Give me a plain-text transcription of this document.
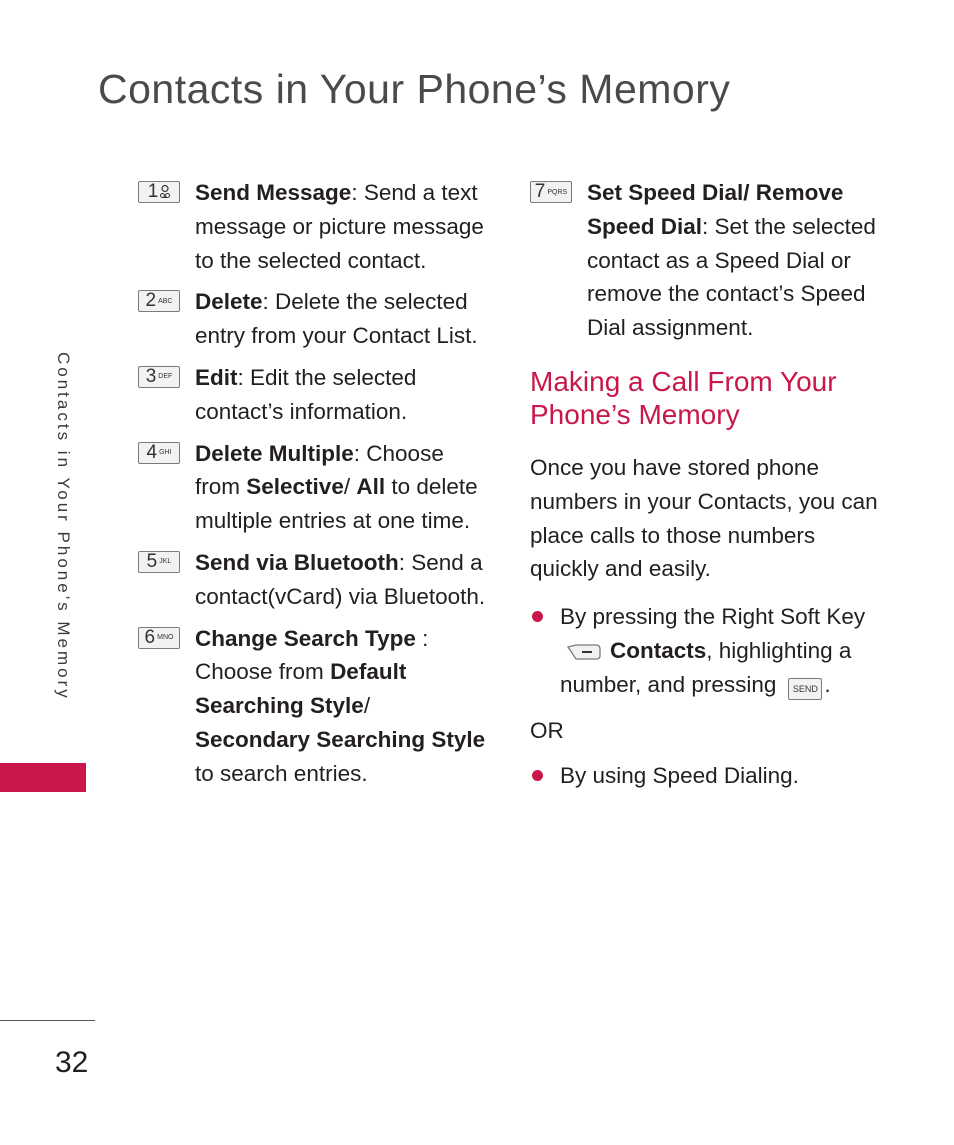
Contacts in Your Phone’s Memory
Contacts in Your Phone’s Memory
1 Send Message: Send a text message or picture message to the selected contact.
2 ABC Delete: Delete the selected entry from your Contact List.
3 DEF Edit: Edit the selected contact’s information.
4 GHI Delete Multiple: Choose from Selective/ All to delete multiple entries at one time.
5 JKL Send via Bluetooth: Send a contact(vCard) via Bluetooth.
6 MNO Change Search Type : Choose from Default Searching Style/ Secondary Searching Style to search entries.
7 PQRS Set Speed Dial/ Remove Speed Dial: Set the selected contact as a Speed Dial or remove the contact’s Speed Dial assignment.
Making a Call From Your Phone’s Memory

Once you have stored phone numbers in your Contacts, you can place calls to those numbers quickly and easily.

By pressing the Right Soft Key
Contacts, highlighting a number, and pressing SEND .
OR
By using Speed Dialing.
32
